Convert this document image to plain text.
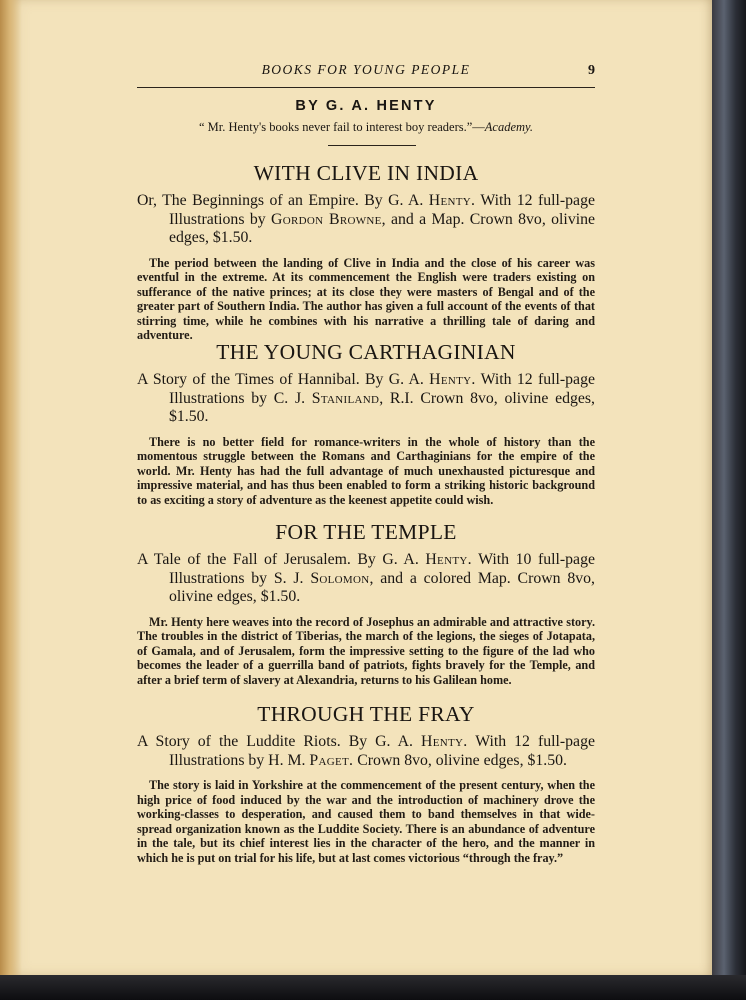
BOOKS FOR YOUNG PEOPLE	9
BY G. A. HENTY
“ Mr. Henty's books never fail to interest boy readers.”—Academy.
WITH CLIVE IN INDIA

Or, The Beginnings of an Empire. By G. A. Henty. With 12 full-page Illustrations by Gordon Browne, and a Map. Crown 8vo, olivine edges, $1.50.

The period between the landing of Clive in India and the close of his career was eventful in the extreme. At its commencement the English were traders existing on sufferance of the native princes; at its close they were masters of Bengal and of the greater part of Southern India. The author has given a full account of the events of that stirring time, while he combines with his narrative a thrilling tale of daring and adventure.

THE YOUNG CARTHAGINIAN

A Story of the Times of Hannibal. By G. A. Henty. With 12 full-page Illustrations by C. J. Staniland, R.I. Crown 8vo, olivine edges, $1.50.

There is no better field for romance-writers in the whole of history than the momentous struggle between the Romans and Carthaginians for the empire of the world. Mr. Henty has had the full advantage of much unexhausted picturesque and impressive material, and has thus been enabled to form a striking historic background to as exciting a story of adventure as the keenest appetite could wish.

FOR THE TEMPLE

A Tale of the Fall of Jerusalem. By G. A. Henty. With 10 full-page Illustrations by S. J. Solomon, and a colored Map. Crown 8vo, olivine edges, $1.50.

Mr. Henty here weaves into the record of Josephus an admirable and attractive story. The troubles in the district of Tiberias, the march of the legions, the sieges of Jotapata, of Gamala, and of Jerusalem, form the impressive setting to the figure of the lad who becomes the leader of a guerrilla band of patriots, fights bravely for the Temple, and after a brief term of slavery at Alexandria, returns to his Galilean home.

THROUGH THE FRAY

A Story of the Luddite Riots. By G. A. Henty. With 12 full-page Illustrations by H. M. Paget. Crown 8vo, olivine edges, $1.50.

The story is laid in Yorkshire at the commencement of the present century, when the high price of food induced by the war and the introduction of machinery drove the working-classes to desperation, and caused them to band themselves in that wide-spread organization known as the Luddite Society. There is an abundance of adventure in the tale, but its chief interest lies in the character of the hero, and the manner in which he is put on trial for his life, but at last comes victorious “through the fray.”
